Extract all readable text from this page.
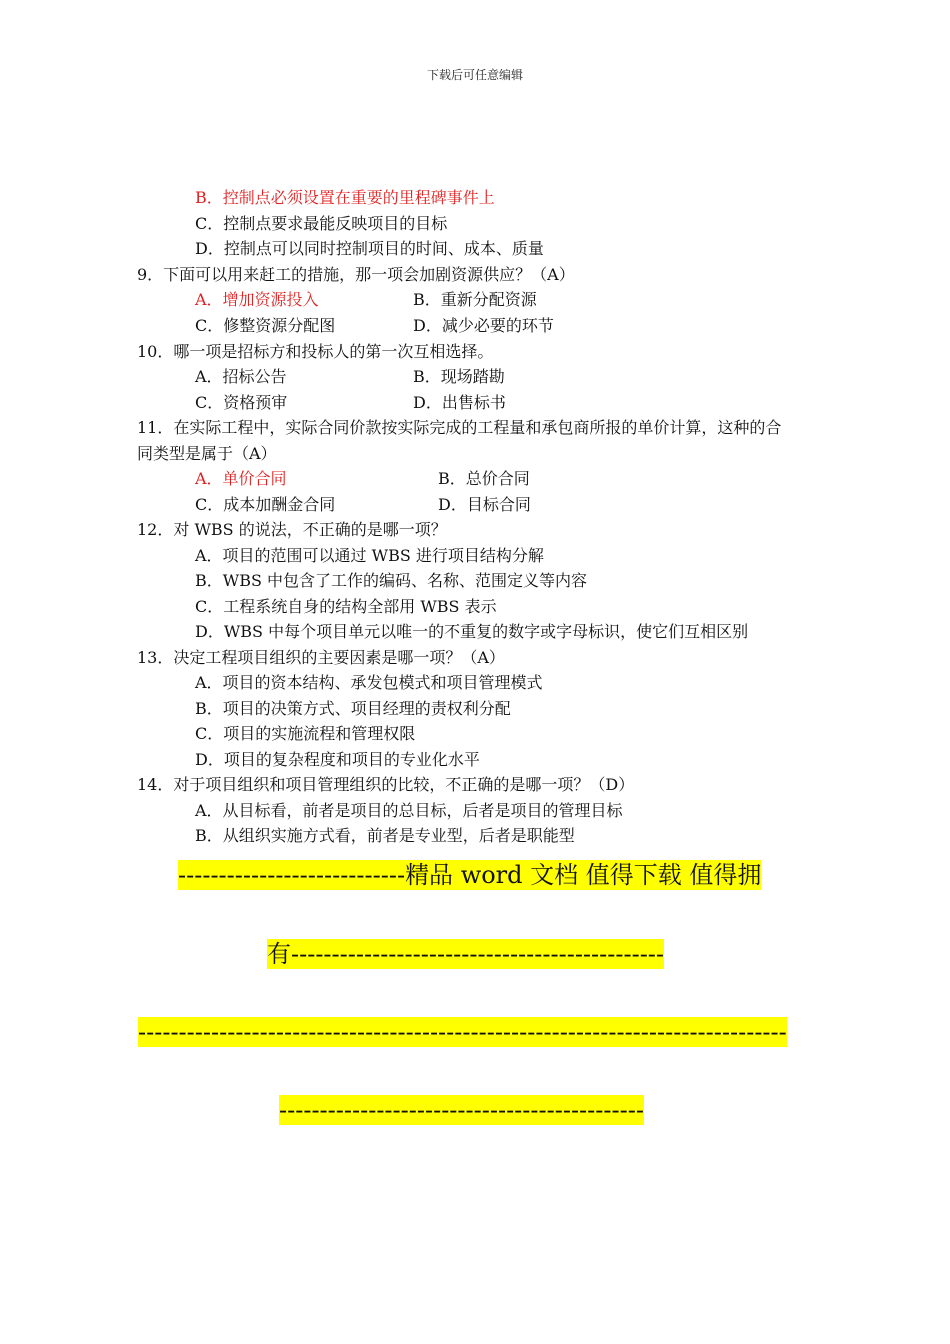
下载后可任意编辑
B．控制点必须设置在重要的里程碑事件上
C．控制点要求最能反映项目的目标
D．控制点可以同时控制项目的时间、成本、质量
9．下面可以用来赶工的措施，那一项会加剧资源供应？（A）
A．增加资源投入	B．重新分配资源
C．修整资源分配图	D．减少必要的环节
10．哪一项是招标方和投标人的第一次互相选择。
A．招标公告	B．现场踏勘
C．资格预审	D．出售标书
11．在实际工程中，实际合同价款按实际完成的工程量和承包商所报的单价计算，这种的合
同类型是属于（A）
A．单价合同	B．总价合同
C．成本加酬金合同	D．目标合同
12．对 WBS 的说法，不正确的是哪一项？
A．项目的范围可以通过 WBS 进行项目结构分解
B．WBS 中包含了工作的编码、名称、范围定义等内容
C．工程系统自身的结构全部用 WBS 表示
D．WBS 中每个项目单元以唯一的不重复的数字或字母标识，使它们互相区别
13．决定工程项目组织的主要因素是哪一项？（A）
A．项目的资本结构、承发包模式和项目管理模式
B．项目的决策方式、项目经理的责权利分配
C．项目的实施流程和管理权限
D．项目的复杂程度和项目的专业化水平
14．对于项目组织和项目管理组织的比较，不正确的是哪一项？（D）
A．从目标看，前者是项目的总目标，后者是项目的管理目标
B．从组织实施方式看，前者是专业型，后者是职能型
----------------------------精品 word 文档 值得下载 值得拥
有----------------------------------------------
--------------------------------------------------------------------------------
---------------------------------------------
